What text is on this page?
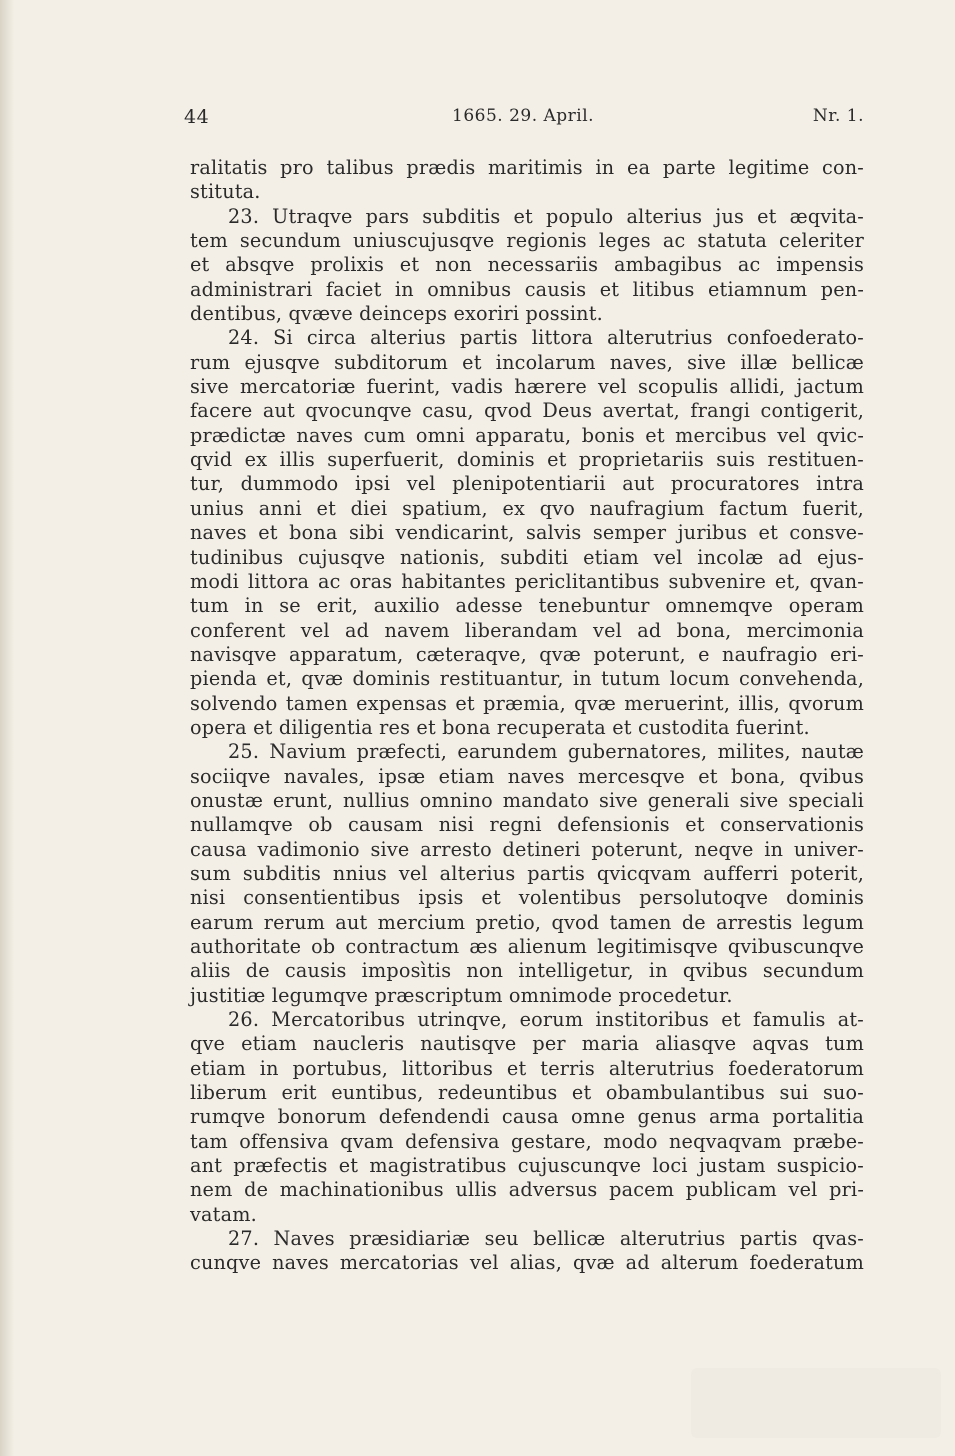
44	1665. 29. April.	Nr. 1.
ralitatis pro talibus prædis maritimis in ea parte legitime con-
stituta.
23. Utraqve pars subditis et populo alterius jus et æqvita-
tem secundum uniuscujusqve regionis leges ac statuta celeriter
et absqve prolixis et non necessariis ambagibus ac impensis
administrari faciet in omnibus causis et litibus etiamnum pen-
dentibus, qvæve deinceps exoriri possint.
24. Si circa alterius partis littora alterutrius confoederato-
rum ejusqve subditorum et incolarum naves, sive illæ bellicæ
sive mercatoriæ fuerint, vadis hærere vel scopulis allidi, jactum
facere aut qvocunqve casu, qvod Deus avertat, frangi contigerit,
prædictæ naves cum omni apparatu, bonis et mercibus vel qvic-
qvid ex illis superfuerit, dominis et proprietariis suis restituen-
tur, dummodo ipsi vel plenipotentiarii aut procuratores intra
unius anni et diei spatium, ex qvo naufragium factum fuerit,
naves et bona sibi vendicarint, salvis semper juribus et consve-
tudinibus cujusqve nationis, subditi etiam vel incolæ ad ejus-
modi littora ac oras habitantes periclitantibus subvenire et, qvan-
tum in se erit, auxilio adesse tenebuntur omnemqve operam
conferent vel ad navem liberandam vel ad bona, mercimonia
navisqve apparatum, cæteraqve, qvæ poterunt, e naufragio eri-
pienda et, qvæ dominis restituantur, in tutum locum convehenda,
solvendo tamen expensas et præmia, qvæ meruerint, illis, qvorum
opera et diligentia res et bona recuperata et custodita fuerint.
25. Navium præfecti, earundem gubernatores, milites, nautæ
sociiqve navales, ipsæ etiam naves mercesqve et bona, qvibus
onustæ erunt, nullius omnino mandato sive generali sive speciali
nullamqve ob causam nisi regni defensionis et conservationis
causa vadimonio sive arresto detineri poterunt, neqve in univer-
sum subditis nnius vel alterius partis qvicqvam aufferri poterit,
nisi consentientibus ipsis et volentibus persolutoqve dominis
earum rerum aut mercium pretio, qvod tamen de arrestis legum
authoritate ob contractum æs alienum legitimisqve qvibuscunqve
aliis de causis imposìtis non intelligetur, in qvibus secundum
justitiæ legumqve præscriptum omnimode procedetur.
26. Mercatoribus utrinqve, eorum institoribus et famulis at-
qve etiam naucleris nautisqve per maria aliasqve aqvas tum
etiam in portubus, littoribus et terris alterutrius foederatorum
liberum erit euntibus, redeuntibus et obambulantibus sui suo-
rumqve bonorum defendendi causa omne genus arma portalitia
tam offensiva qvam defensiva gestare, modo neqvaqvam præbe-
ant præfectis et magistratibus cujuscunqve loci justam suspicio-
nem de machinationibus ullis adversus pacem publicam vel pri-
vatam.
27. Naves præsidiariæ seu bellicæ alterutrius partis qvas-
cunqve naves mercatorias vel alias, qvæ ad alterum foederatum
